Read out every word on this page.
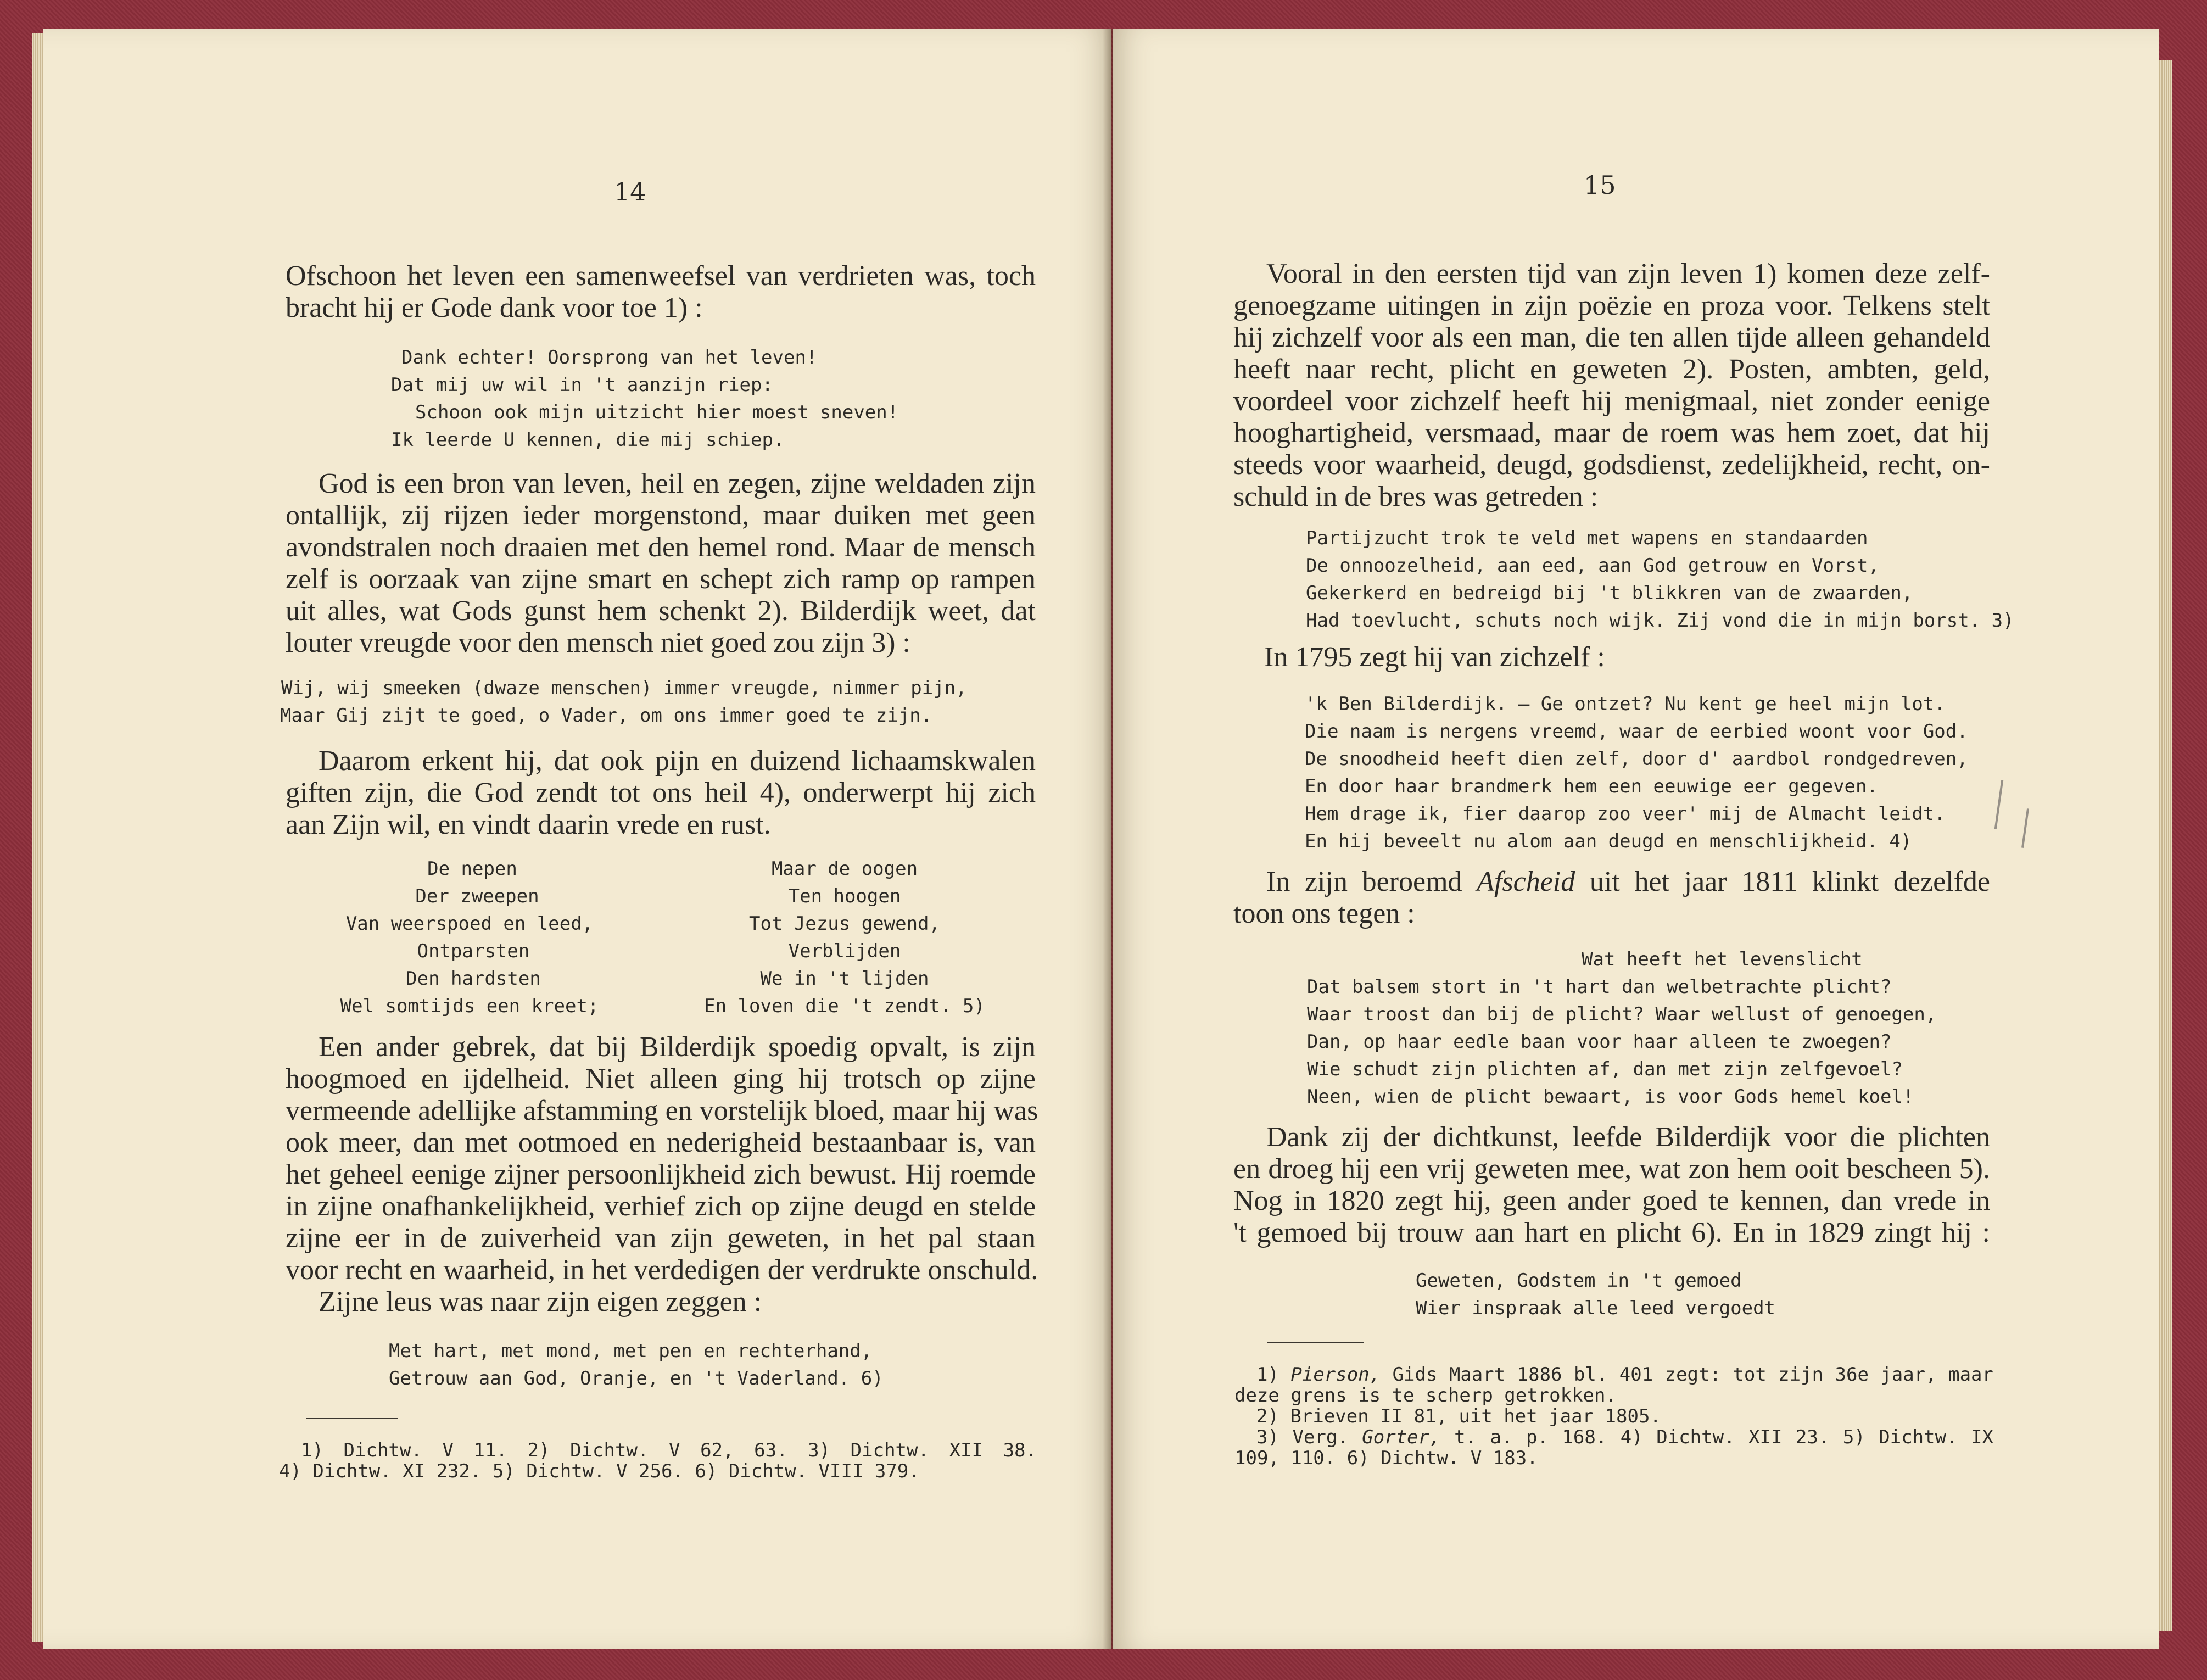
14
Ofschoon het leven een samenweefsel van verdrieten was, toch
bracht hij er Gode dank voor toe 1) :
Dank echter! Oorsprong van het leven!
Dat mij uw wil in 't aanzijn riep:
Schoon ook mijn uitzicht hier moest sneven!
Ik leerde U kennen, die mij schiep.
God is een bron van leven, heil en zegen, zijne weldaden zijn
ontallijk, zij rijzen ieder morgenstond, maar duiken met geen
avondstralen noch draaien met den hemel rond. Maar de mensch
zelf is oorzaak van zijne smart en schept zich ramp op rampen
uit alles, wat Gods gunst hem schenkt 2). Bilderdijk weet, dat
louter vreugde voor den mensch niet goed zou zijn 3) :
Wij, wij smeeken (dwaze menschen) immer vreugde, nimmer pijn,
Maar Gij zijt te goed, o Vader, om ons immer goed te zijn.
Daarom erkent hij, dat ook pijn en duizend lichaamskwalen
giften zijn, die God zendt tot ons heil 4), onderwerpt hij zich
aan Zijn wil, en vindt daarin vrede en rust.
De nepen
Der zweepen
Van weerspoed en leed,
Ontparsten
Den hardsten
Wel somtijds een kreet;
Maar de oogen
Ten hoogen
Tot Jezus gewend,
Verblijden
We in 't lijden
En loven die 't zendt. 5)
Een ander gebrek, dat bij Bilderdijk spoedig opvalt, is zijn
hoogmoed en ijdelheid. Niet alleen ging hij trotsch op zijne
vermeende adellijke afstamming en vorstelijk bloed, maar hij was
ook meer, dan met ootmoed en nederigheid bestaanbaar is, van
het geheel eenige zijner persoonlijkheid zich bewust. Hij roemde
in zijne onafhankelijkheid, verhief zich op zijne deugd en stelde
zijne eer in de zuiverheid van zijn geweten, in het pal staan
voor recht en waarheid, in het verdedigen der verdrukte onschuld.
Zijne leus was naar zijn eigen zeggen :
Met hart, met mond, met pen en rechterhand,
Getrouw aan God, Oranje, en 't Vaderland. 6)
1) Dichtw. V 11. 2) Dichtw. V 62, 63. 3) Dichtw. XII 38.
4) Dichtw. XI 232. 5) Dichtw. V 256. 6) Dichtw. VIII 379.
15
Vooral in den eersten tijd van zijn leven 1) komen deze zelf-
genoegzame uitingen in zijn poëzie en proza voor. Telkens stelt
hij zichzelf voor als een man, die ten allen tijde alleen gehandeld
heeft naar recht, plicht en geweten 2). Posten, ambten, geld,
voordeel voor zichzelf heeft hij menigmaal, niet zonder eenige
hooghartigheid, versmaad, maar de roem was hem zoet, dat hij
steeds voor waarheid, deugd, godsdienst, zedelijkheid, recht, on-
schuld in de bres was getreden :
Partijzucht trok te veld met wapens en standaarden
De onnoozelheid, aan eed, aan God getrouw en Vorst,
Gekerkerd en bedreigd bij 't blikkren van de zwaarden,
Had toevlucht, schuts noch wijk. Zij vond die in mijn borst. 3)
In 1795 zegt hij van zichzelf :
'k Ben Bilderdijk. — Ge ontzet? Nu kent ge heel mijn lot.
Die naam is nergens vreemd, waar de eerbied woont voor God.
De snoodheid heeft dien zelf, door d' aardbol rondgedreven,
En door haar brandmerk hem een eeuwige eer gegeven.
Hem drage ik, fier daarop zoo veer' mij de Almacht leidt.
En hij beveelt nu alom aan deugd en menschlijkheid. 4)
In zijn beroemd Afscheid uit het jaar 1811 klinkt dezelfde
toon ons tegen :
Wat heeft het levenslicht
Dat balsem stort in 't hart dan welbetrachte plicht?
Waar troost dan bij de plicht? Waar wellust of genoegen,
Dan, op haar eedle baan voor haar alleen te zwoegen?
Wie schudt zijn plichten af, dan met zijn zelfgevoel?
Neen, wien de plicht bewaart, is voor Gods hemel koel!
Dank zij der dichtkunst, leefde Bilderdijk voor die plichten
en droeg hij een vrij geweten mee, wat zon hem ooit bescheen 5).
Nog in 1820 zegt hij, geen ander goed te kennen, dan vrede in
't gemoed bij trouw aan hart en plicht 6). En in 1829 zingt hij :
Geweten, Godstem in 't gemoed
Wier inspraak alle leed vergoedt
1) Pierson, Gids Maart 1886 bl. 401 zegt: tot zijn 36e jaar, maar
deze grens is te scherp getrokken.
2) Brieven II 81, uit het jaar 1805.
3) Verg. Gorter, t. a. p. 168. 4) Dichtw. XII 23. 5) Dichtw. IX
109, 110. 6) Dichtw. V 183.
